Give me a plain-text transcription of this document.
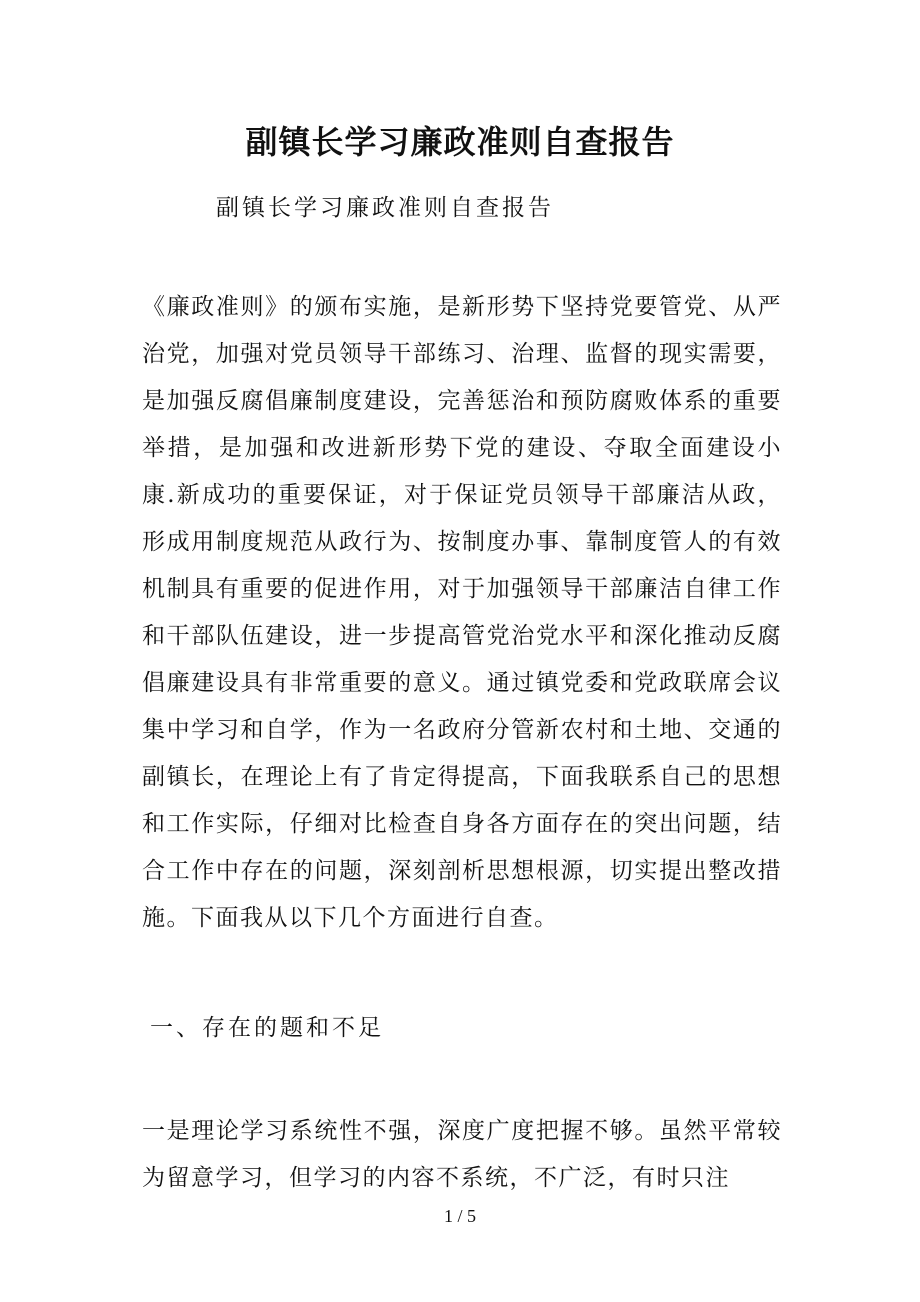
副镇长学习廉政准则自查报告

副镇长学习廉政准则自查报告

《廉政准则》的颁布实施，是新形势下坚持党要管党、从严治党，加强对党员领导干部练习、治理、监督的现实需要，是加强反腐倡廉制度建设，完善惩治和预防腐败体系的重要举措，是加强和改进新形势下党的建设、夺取全面建设小康.新成功的重要保证，对于保证党员领导干部廉洁从政，形成用制度规范从政行为、按制度办事、靠制度管人的有效机制具有重要的促进作用，对于加强领导干部廉洁自律工作和干部队伍建设，进一步提高管党治党水平和深化推动反腐倡廉建设具有非常重要的意义。通过镇党委和党政联席会议集中学习和自学，作为一名政府分管新农村和土地、交通的副镇长，在理论上有了肯定得提高，下面我联系自己的思想和工作实际，仔细对比检查自身各方面存在的突出问题，结合工作中存在的问题，深刻剖析思想根源，切实提出整改措施。下面我从以下几个方面进行自查。

一、存在的题和不足

一是理论学习系统性不强，深度广度把握不够。虽然平常较为留意学习，但学习的内容不系统，不广泛，有时只注

1 / 5
